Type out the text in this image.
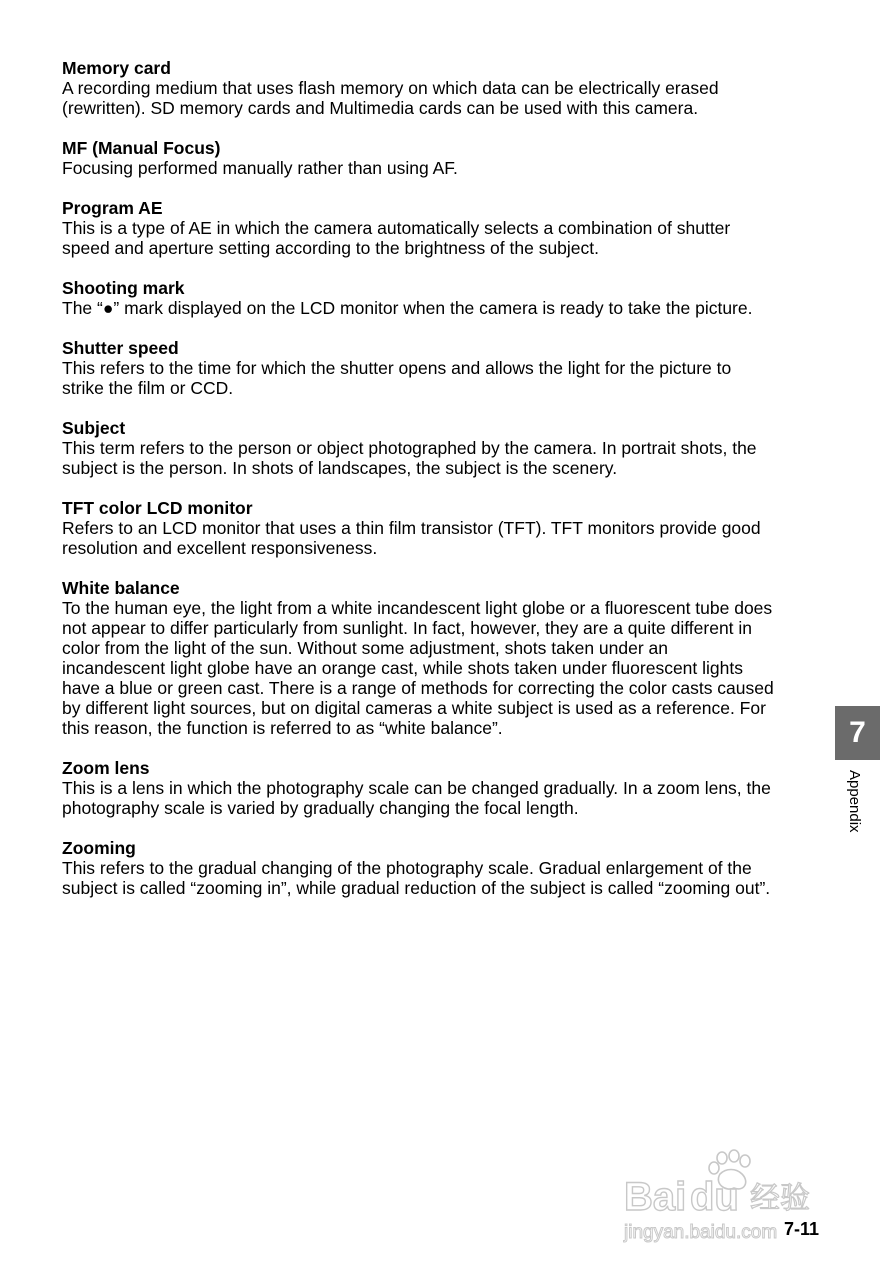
Memory card

A recording medium that uses flash memory on which data can be electrically erased
(rewritten). SD memory cards and Multimedia cards can be used with this camera.

MF (Manual Focus)

Focusing performed manually rather than using AF.

Program AE

This is a type of AE in which the camera automatically selects a combination of shutter
speed and aperture setting according to the brightness of the subject.

Shooting mark

The “●” mark displayed on the LCD monitor when the camera is ready to take the picture.

Shutter speed

This refers to the time for which the shutter opens and allows the light for the picture to
strike the film or CCD.

Subject

This term refers to the person or object photographed by the camera. In portrait shots, the
subject is the person. In shots of landscapes, the subject is the scenery.

TFT color LCD monitor

Refers to an LCD monitor that uses a thin film transistor (TFT). TFT monitors provide good
resolution and excellent responsiveness.

White balance

To the human eye, the light from a white incandescent light globe or a fluorescent tube does
not appear to differ particularly from sunlight. In fact, however, they are a quite different in
color from the light of the sun. Without some adjustment, shots taken under an
incandescent light globe have an orange cast, while shots taken under fluorescent lights
have a blue or green cast. There is a range of methods for correcting the color casts caused
by different light sources, but on digital cameras a white subject is used as a reference. For
this reason, the function is referred to as “white balance”.

Zoom lens

This is a lens in which the photography scale can be changed gradually. In a zoom lens, the
photography scale is varied by gradually changing the focal length.

Zooming

This refers to the gradual changing of the photography scale. Gradual enlargement of the
subject is called “zooming in”, while gradual reduction of the subject is called “zooming out”.

7
Appendix
Bai du 经验
jingyan.baidu.com 7-11
